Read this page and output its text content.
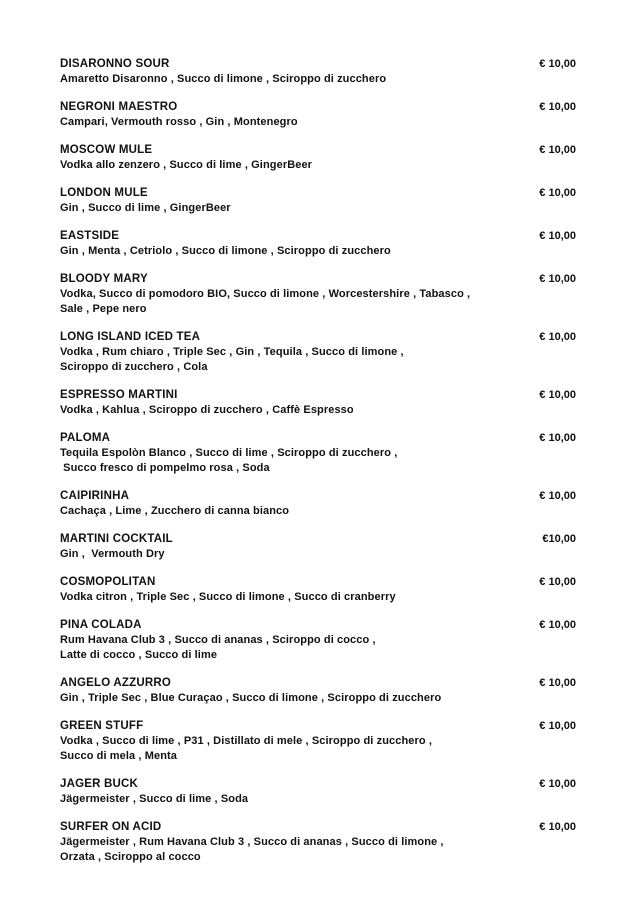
DISARONNO SOUR	€ 10,00
Amaretto Disaronno , Succo di limone , Sciroppo di zucchero
NEGRONI MAESTRO	€ 10,00
Campari, Vermouth rosso , Gin , Montenegro
MOSCOW MULE	€ 10,00
Vodka allo zenzero , Succo di lime , GingerBeer
LONDON MULE	€ 10,00
Gin , Succo di lime , GingerBeer
EASTSIDE	€ 10,00
Gin , Menta , Cetriolo , Succo di limone , Sciroppo di zucchero
BLOODY MARY	€ 10,00
Vodka, Succo di pomodoro BIO, Succo di limone , Worcestershire , Tabasco ,
Sale , Pepe nero
LONG ISLAND ICED TEA	€ 10,00
Vodka , Rum chiaro , Triple Sec , Gin , Tequila , Succo di limone ,
Sciroppo di zucchero , Cola
ESPRESSO MARTINI	€ 10,00
Vodka , Kahlua , Sciroppo di zucchero , Caffè Espresso
PALOMA	€ 10,00
Tequila Espolòn Blanco , Succo di lime , Sciroppo di zucchero ,
Succo fresco di pompelmo rosa , Soda
CAIPIRINHA	€ 10,00
Cachaça , Lime , Zucchero di canna bianco
MARTINI COCKTAIL	€10,00
Gin ,  Vermouth Dry
COSMOPOLITAN	€ 10,00
Vodka citron , Triple Sec , Succo di limone , Succo di cranberry
PINA COLADA	€ 10,00
Rum Havana Club 3 , Succo di ananas , Sciroppo di cocco ,
Latte di cocco , Succo di lime
ANGELO AZZURRO	€ 10,00
Gin , Triple Sec , Blue Curaçao , Succo di limone , Sciroppo di zucchero
GREEN STUFF	€ 10,00
Vodka , Succo di lime , P31 , Distillato di mele , Sciroppo di zucchero ,
Succo di mela , Menta
JAGER BUCK	€ 10,00
Jägermeister , Succo di lime , Soda
SURFER ON ACID	€ 10,00
Jägermeister , Rum Havana Club 3 , Succo di ananas , Succo di limone ,
Orzata , Sciroppo al cocco
